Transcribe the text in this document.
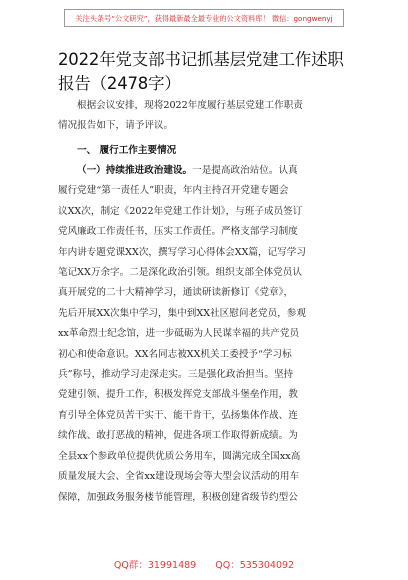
关注头条号“公文研究”，获得最新最全最专业的公文资料库！ 微信：gongwenyj
2022年党支部书记抓基层党建工作述职报告（2478字）
根据会议安排，现将2022年度履行基层党建工作职责
情况报告如下，请予评议。
一、 履行工作主要情况
（一）持续推进政治建设。一是提高政治站位。认真
履行党建“第一责任人”职责，年内主持召开党建专题会
议XX次，制定《2022年党建工作计划》，与班子成员签订
党风廉政工作责任书，压实工作责任。严格支部学习制度
年内讲专题党课XX次，撰写学习心得体会XX篇，记写学习
笔记XX万余字。二是深化政治引领。组织支部全体党员认
真开展党的二十大精神学习，通读研读新修订《党章》，
先后开展XX次集中学习，集中到XX社区慰问老党员，参观
xx革命烈士纪念馆，进一步砥砺为人民谋幸福的共产党员
初心和使命意识。XX名同志被XX机关工委授予“学习标
兵”称号，推动学习走深走实。三是强化政治担当。坚持
党建引领、提升工作，积极发挥党支部战斗堡垒作用，教
育引导全体党员苦干实干、能干肯干，弘扬集体作战、连
续作战、敢打恶战的精神，促进各项工作取得新成绩。为
全县xx个参政单位提供优质公务用车，圆满完成全国xx高
质量发展大会、全省xx建设现场会等大型会议活动的用车
保障，加强政务服务楼节能管理，积极创建省级节约型公
QQ群：31991489 QQ：535304092
